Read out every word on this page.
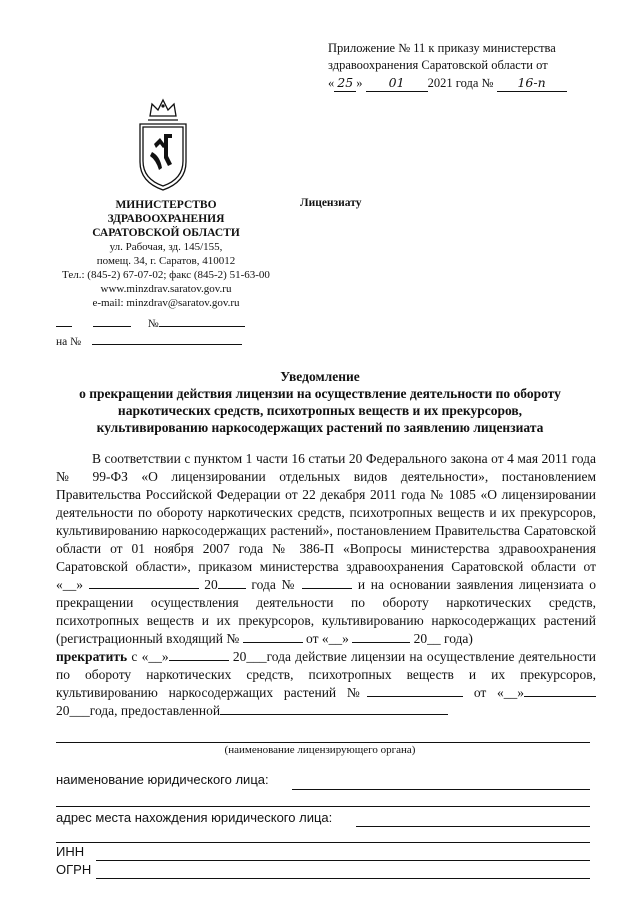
Приложение № 11 к приказу министерства
здравоохранения Саратовской области от
« 25 » 01 2021 года № 16-п
МИНИСТЕРСТВО
ЗДРАВООХРАНЕНИЯ
САРАТОВСКОЙ ОБЛАСТИ
ул. Рабочая, зд. 145/155,
помещ. 34, г. Саратов, 410012
Тел.: (845-2) 67-07-02; факс (845-2) 51-63-00
www.minzdrav.saratov.gov.ru
e-mail: minzdrav@saratov.gov.ru
Лицензиату
№
на №
Уведомление
о прекращении действия лицензии на осуществление деятельности по обороту
наркотических средств, психотропных веществ и их прекурсоров,
культивированию наркосодержащих растений по заявлению лицензиата

В соответствии с пунктом 1 части 16 статьи 20 Федерального закона от 4 мая 2011 года № 99-ФЗ «О лицензировании отдельных видов деятельности», постановлением Правительства Российской Федерации от 22 декабря 2011 года № 1085 «О лицензировании деятельности по обороту наркотических средств, психотропных веществ и их прекурсоров, культивированию наркосодержащих растений», постановлением Правительства Саратовской области от 01 ноября 2007 года № 386-П «Вопросы министерства здравоохранения Саратовской области», приказом министерства здравоохранения Саратовской области от «__»	20 года №	и на основании заявления лицензиата о прекращении осуществления деятельности по обороту наркотических средств, психотропных веществ и их прекурсоров, культивированию наркосодержащих растений (регистрационный входящий №	от «__»	20__ года)

прекратить с «__»	20___года действие лицензии на осуществление деятельности по обороту наркотических средств, психотропных веществ и их прекурсоров, культивированию наркосодержащих растений №	от «__»20___года, предоставленной
(наименование лицензирующего органа)
наименование юридического лица:
адрес места нахождения юридического лица:
ИНН
ОГРН
